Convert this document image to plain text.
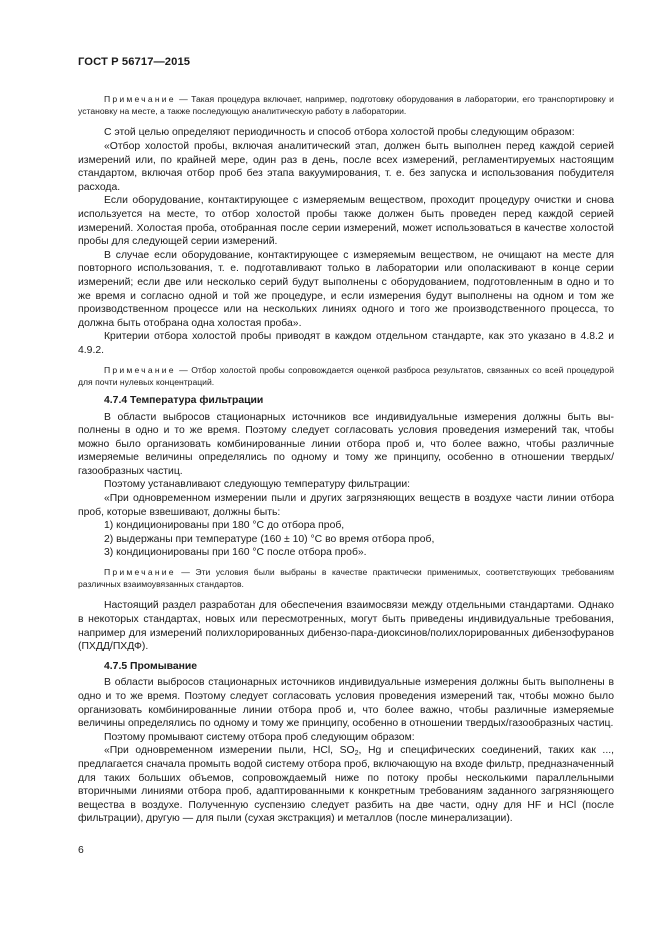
ГОСТ Р 56717—2015

Примечание — Такая процедура включает, например, подготовку оборудования в лаборатории, его транспортировку и установку на месте, а также последующую аналитическую работу в лаборатории.

С этой целью определяют периодичность и способ отбора холостой пробы следующим образом:

«Отбор холостой пробы, включая аналитический этап, должен быть выполнен перед каждой серией измерений или, по крайней мере, один раз в день, после всех измерений, регламентируемых настоящим стандартом, включая отбор проб без этапа вакуумирования, т. е. без запуска и использования побудителя расхода.

Если оборудование, контактирующее с измеряемым веществом, проходит процедуру очистки и снова используется на месте, то отбор холостой пробы также должен быть проведен перед каждой серией измерений. Холостая проба, отобранная после серии измерений, может использоваться в качестве холостой пробы для следующей серии измерений.

В случае если оборудование, контактирующее с измеряемым веществом, не очищают на месте для повторного использования, т. е. подготавливают только в лаборатории или ополаскивают в конце серии измерений; если две или несколько серий будут выполнены с оборудованием, подготовленным в одно и то же время и согласно одной и той же процедуре, и если измерения будут выполнены на одном и том же производственном процессе или на нескольких линиях одного и того же производственного процесса, то должна быть отобрана одна холостая проба».

Критерии отбора холостой пробы приводят в каждом отдельном стандарте, как это указано в 4.8.2 и 4.9.2.

Примечание — Отбор холостой пробы сопровождается оценкой разброса результатов, связанных со всей процедурой для почти нулевых концентраций.

4.7.4 Температура фильтрации

В области выбросов стационарных источников все индивидуальные измерения должны быть выполнены в одно и то же время. Поэтому следует согласовать условия проведения измерений так, чтобы можно было организовать комбинированные линии отбора проб и, что более важно, чтобы различные измеряемые величины определялись по одному и тому же принципу, особенно в отношении твердых/газообразных частиц.

Поэтому устанавливают следующую температуру фильтрации:

«При одновременном измерении пыли и других загрязняющих веществ в воздухе части линии отбора проб, которые взвешивают, должны быть:

1) кондиционированы при 180 °С до отбора проб,

2) выдержаны при температуре (160 ± 10) °С во время отбора проб,

3) кондиционированы при 160 °С после отбора проб».

Примечание — Эти условия были выбраны в качестве практически применимых, соответствующих требованиям различных взаимоувязанных стандартов.

Настоящий раздел разработан для обеспечения взаимосвязи между отдельными стандартами. Однако в некоторых стандартах, новых или пересмотренных, могут быть приведены индивидуальные требования, например для измерений полихлорированных дибензо-пара-диоксинов/полихлорированных дибензофуранов (ПХДД/ПХДФ).

4.7.5 Промывание

В области выбросов стационарных источников индивидуальные измерения должны быть выполнены в одно и то же время. Поэтому следует согласовать условия проведения измерений так, чтобы можно было организовать комбинированные линии отбора проб и, что более важно, чтобы различные измеряемые величины определялись по одному и тому же принципу, особенно в отношении твердых/газообразных частиц.

Поэтому промывают систему отбора проб следующим образом:

«При одновременном измерении пыли, HCl, $SO_2$, Hg и специфических соединений, таких как ..., предлагается сначала промыть водой систему отбора проб, включающую на входе фильтр, предназначенный для таких больших объемов, сопровождаемый ниже по потоку пробы несколькими параллельными вторичными линиями отбора проб, адаптированными к конкретным требованиям заданного загрязняющего вещества в воздухе. Полученную суспензию следует разбить на две части, одну для HF и HCl (после фильтрации), другую — для пыли (сухая экстракция) и металлов (после минерализации).

6
